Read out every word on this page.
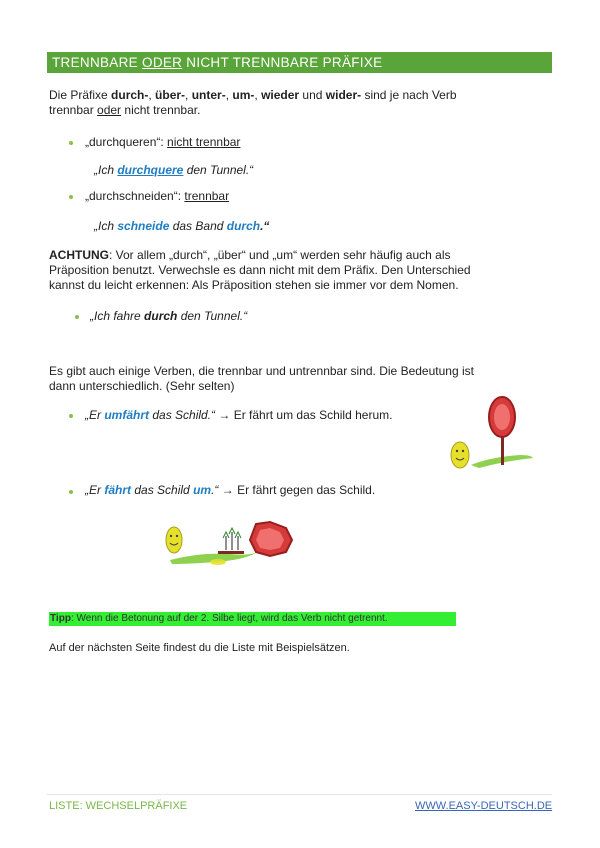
TRENNBARE ODER NICHT TRENNBARE PRÄFIXE
Die Präfixe durch-, über-, unter-, um-, wieder und wider- sind je nach Verb
trennbar oder nicht trennbar.
„durchqueren“: nicht trennbar
„Ich durchquere den Tunnel.“
„durchschneiden“: trennbar
„Ich schneide das Band durch.“
ACHTUNG: Vor allem „durch“, „über“ und „um“ werden sehr häufig auch als
Präposition benutzt. Verwechsle es dann nicht mit dem Präfix. Den Unterschied
kannst du leicht erkennen: Als Präposition stehen sie immer vor dem Nomen.
„Ich fahre durch den Tunnel.“
Es gibt auch einige Verben, die trennbar und untrennbar sind. Die Bedeutung ist
dann unterschiedlich. (Sehr selten)
„Er umfährt das Schild.“ → Er fährt um das Schild herum.
„Er fährt das Schild um.“ → Er fährt gegen das Schild.
Tipp: Wenn die Betonung auf der 2. Silbe liegt, wird das Verb nicht getrennt.
Auf der nächsten Seite findest du die Liste mit Beispielsätzen.
LISTE: WECHSELPRÄFIXE	WWW.EASY-DEUTSCH.DE
